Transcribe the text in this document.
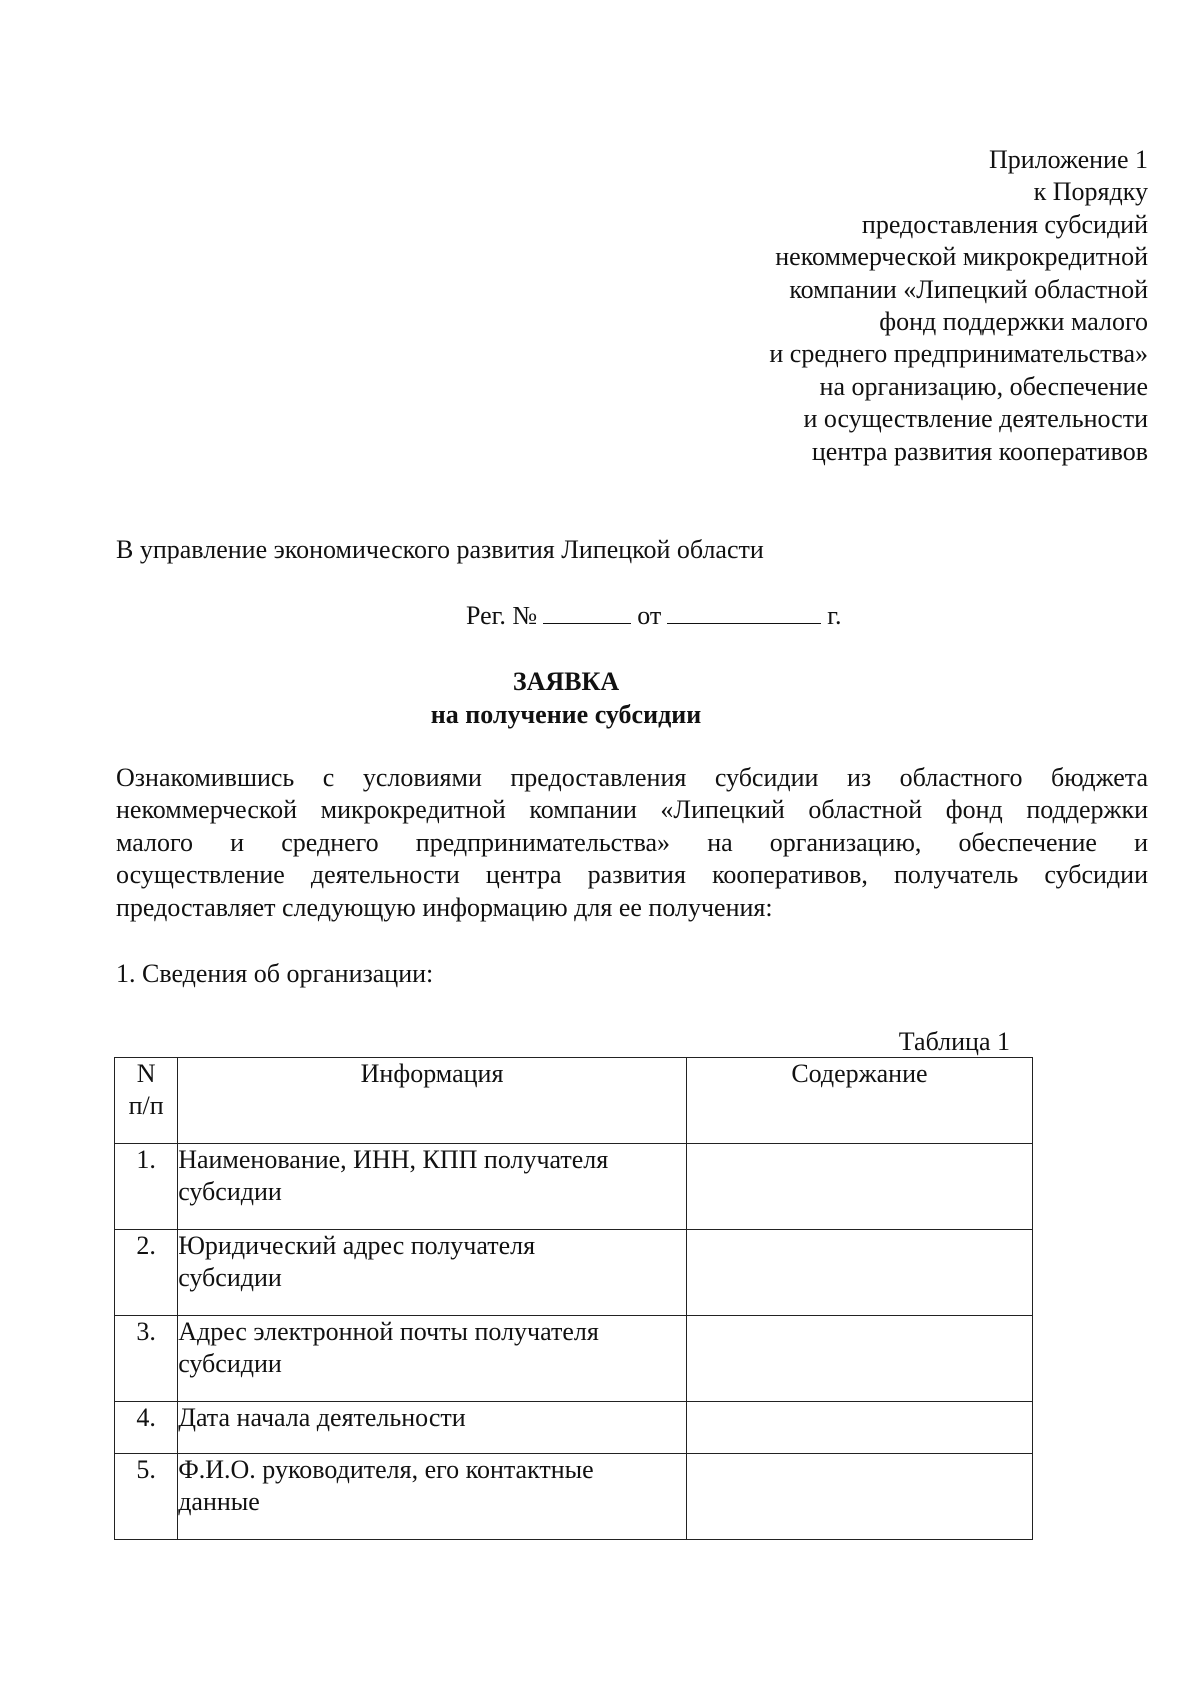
Приложение 1
к Порядку
предоставления субсидий
некоммерческой микрокредитной
компании «Липецкий областной
фонд поддержки малого
и среднего предпринимательства»
на организацию, обеспечение
и осуществление деятельности
центра развития кооперативов
В управление экономического развития Липецкой области
Рег. №	от	г.
ЗАЯВКА
на получение субсидии
Ознакомившись с условиями предоставления субсидии из областного бюджета
некоммерческой микрокредитной компании «Липецкий областной фонд поддержки
малого и среднего предпринимательства» на организацию, обеспечение и
осуществление деятельности центра развития кооперативов, получатель субсидии
предоставляет следующую информацию для ее получения:
1. Сведения об организации:
Таблица 1
N
п/п	Информация	Содержание
1.	Наименование, ИНН, КПП получателя
субсидии	

2.	Юридический адрес получателя
субсидии	

3.	Адрес электронной почты получателя
субсидии	

4.	Дата начала деятельности	

5.	Ф.И.О. руководителя, его контактные
данные	
